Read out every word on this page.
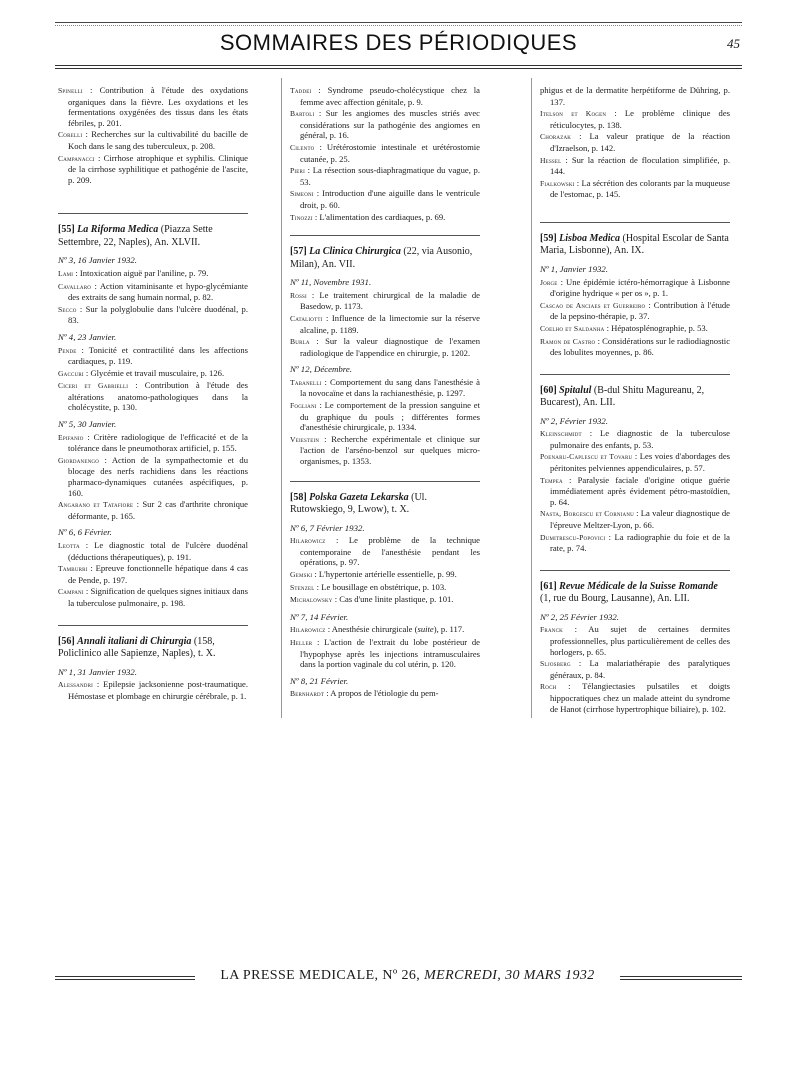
SOMMAIRES DES PÉRIODIQUES	45

Spinelli : Contribution à l'étude des oxydations organiques dans la fièvre. Les oxydations et les fermentations oxygénées des tissus dans les états fébriles, p. 201.

Corelli : Recherches sur la cultivabilité du bacille de Koch dans le sang des tuberculeux, p. 208.

Campanacci : Cirrhose atrophique et syphilis. Clinique de la cirrhose syphilitique et pathogénie de l'ascite, p. 209.

[55] La Riforma Medica (Piazza Sette Settembre, 22, Naples), An. XLVII.
Nº 3, 16 Janvier 1932.

Lami : Intoxication aiguë par l'aniline, p. 79.

Cavallaro : Action vitaminisante et hypo-glycémiante des extraits de sang humain normal, p. 82.

Secco : Sur la polyglobulie dans l'ulcère duodénal, p. 83.

Nº 4, 23 Janvier.

Pende : Tonicité et contractilité dans les affections cardiaques, p. 119.

Gaccuri : Glycémie et travail musculaire, p. 126.

Ciceri et Gabrielli : Contribution à l'étude des altérations anatomo-pathologiques dans la cholécystite, p. 130.

Nº 5, 30 Janvier.

Epifanio : Critère radiologique de l'efficacité et de la tolérance dans le pneumothorax artificiel, p. 155.

Giordanengo : Action de la sympathectomie et du blocage des nerfs rachidiens dans les réactions pharmaco-dynamiques cutanées aspécifiques, p. 160.

Angarano et Tatafiore : Sur 2 cas d'arthrite chronique déformante, p. 165.

Nº 6, 6 Février.

Leotta : Le diagnostic total de l'ulcère duodénal (déductions thérapeutiques), p. 191.

Tamburri : Epreuve fonctionnelle hépatique dans 4 cas de Pende, p. 197.

Campani : Signification de quelques signes initiaux dans la tuberculose pulmonaire, p. 198.

[56] Annali italiani di Chirurgia (158, Policlinico alle Sapienze, Naples), t. X.
Nº 1, 31 Janvier 1932.

Alessandri : Epilepsie jacksonienne post-traumatique. Hémostase et plombage en chirurgie cérébrale, p. 1.

Taddei : Syndrome pseudo-cholécystique chez la femme avec affection génitale, p. 9.

Bartoli : Sur les angiomes des muscles striés avec considérations sur la pathogénie des angiomes en général, p. 16.

Cilento : Urétérostomie intestinale et urétérostomie cutanée, p. 25.

Pieri : La résection sous-diaphragmatique du vague, p. 53.

Simeoni : Introduction d'une aiguille dans le ventricule droit, p. 60.

Tinozzi : L'alimentation des cardiaques, p. 69.

[57] La Clinica Chirurgica (22, via Ausonio, Milan), An. VII.
Nº 11, Novembre 1931.

Rossi : Le traitement chirurgical de la maladie de Basedow, p. 1173.

Cataliotti : Influence de la limectomie sur la réserve alcaline, p. 1189.

Burla : Sur la valeur diagnostique de l'examen radiologique de l'appendice en chirurgie, p. 1202.

Nº 12, Décembre.

Tabanelli : Comportement du sang dans l'anesthésie à la novocaïne et dans la rachianesthésie, p. 1297.

Fogliani : Le comportement de la pression sanguine et du graphique du pouls ; différentes formes d'anesthésie chirurgicale, p. 1334.

Veiestein : Recherche expérimentale et clinique sur l'action de l'arséno-benzol sur quelques micro-organismes, p. 1353.

[58] Polska Gazeta Lekarska (Ul. Rutowskiego, 9, Lwow), t. X.
Nº 6, 7 Février 1932.

Hilarowicz : Le problème de la technique contemporaine de l'anesthésie pendant les opérations, p. 97.

Gemski : L'hypertonie artérielle essentielle, p. 99.

Stenzel : Le bousillage en obstétrique, p. 103.

Michalowsky : Cas d'une linite plastique, p. 101.

Nº 7, 14 Février.

Hilarowicz : Anesthésie chirurgicale (suite), p. 117.

Heller : L'action de l'extrait du lobe postérieur de l'hypophyse après les injections intramusculaires dans la portion vaginale du col utérin, p. 120.

Nº 8, 21 Février.

Bernhardt : A propos de l'étiologie du pem-

phigus et de la dermatite herpétiforme de Dühring, p. 137.

Itelson et Kogen : Le problème clinique des réticulocytes, p. 138.

Chorazak : La valeur pratique de la réaction d'Izraelson, p. 142.

Hessel : Sur la réaction de floculation simplifiée, p. 144.

Fialkowski : La sécrétion des colorants par la muqueuse de l'estomac, p. 145.

[59] Lisboa Medica (Hospital Escolar de Santa Maria, Lisbonne), An. IX.
Nº 1, Janvier 1932.

Jorge : Une épidémie ictéro-hémorragique à Lisbonne d'origine hydrique « per os », p. 1.

Cascao de Anciaes et Guerreiro : Contribution à l'étude de la pepsino-thérapie, p. 37.

Coelho et Saldanha : Hépatosplénographie, p. 53.

Ramon de Castro : Considérations sur le radiodiagnostic des lobulites moyennes, p. 86.

[60] Spitalul (B-dul Shitu Magureanu, 2, Bucarest), An. LII.
Nº 2, Février 1932.

Kleinschmidt : Le diagnostic de la tuberculose pulmonaire des enfants, p. 53.

Poenaru-Caplescu et Tovaru : Les voies d'abordages des péritonites pelviennes appendiculaires, p. 57.

Tempea : Paralysie faciale d'origine otique guérie immédiatement après évidement pétro-mastoïdien, p. 64.

Nasta, Borgescu et Cornianu : La valeur diagnostique de l'épreuve Meltzer-Lyon, p. 66.

Dumitrescu-Popovici : La radiographie du foie et de la rate, p. 74.

[61] Revue Médicale de la Suisse Romande (1, rue du Bourg, Lausanne), An. LII.
Nº 2, 25 Février 1932.

Franck : Au sujet de certaines dermites professionnelles, plus particulièrement de celles des horlogers, p. 65.

Sljosberg : La malariathérapie des paralytiques généraux, p. 84.

Roch : Télangiectasies pulsatiles et doigts hippocratiques chez un malade atteint du syndrome de Hanot (cirrhose hypertrophique biliaire), p. 102.

LA PRESSE MEDICALE, Nº 26, MERCREDI, 30 MARS 1932
